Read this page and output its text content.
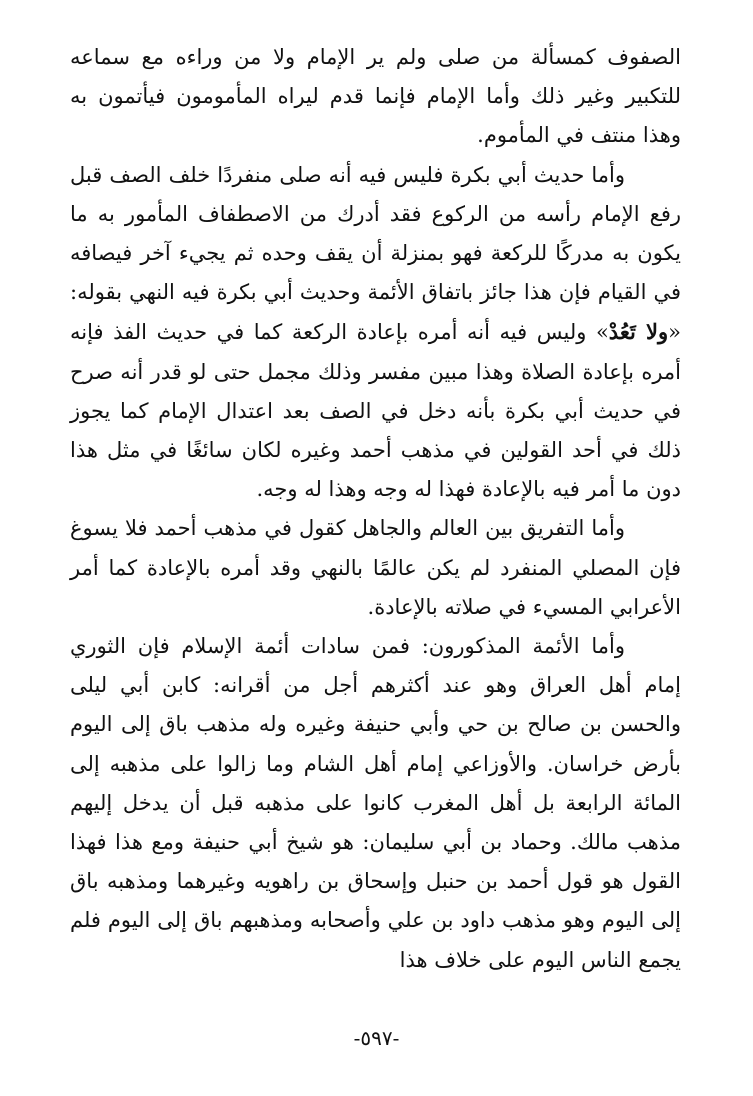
الصفوف كمسألة من صلى ولم ير الإمام ولا من وراءه مع سماعه للتكبير وغير ذلك وأما الإمام فإنما قدم ليراه المأمومون فيأتمون به وهذا منتف في المأموم.

وأما حديث أبي بكرة فليس فيه أنه صلى منفردًا خلف الصف قبل رفع الإمام رأسه من الركوع فقد أدرك من الاصطفاف المأمور به ما يكون به مدركًا للركعة فهو بمنزلة أن يقف وحده ثم يجيء آخر فيصافه في القيام فإن هذا جائز باتفاق الأئمة وحديث أبي بكرة فيه النهي بقوله: «ولا تَعُدْ» وليس فيه أنه أمره بإعادة الركعة كما في حديث الفذ فإنه أمره بإعادة الصلاة وهذا مبين مفسر وذلك مجمل حتى لو قدر أنه صرح في حديث أبي بكرة بأنه دخل في الصف بعد اعتدال الإمام كما يجوز ذلك في أحد القولين في مذهب أحمد وغيره لكان سائغًا في مثل هذا دون ما أمر فيه بالإعادة فهذا له وجه وهذا له وجه.

وأما التفريق بين العالم والجاهل كقول في مذهب أحمد فلا يسوغ فإن المصلي المنفرد لم يكن عالمًا بالنهي وقد أمره بالإعادة كما أمر الأعرابي المسيء في صلاته بالإعادة.

وأما الأئمة المذكورون: فمن سادات أئمة الإسلام فإن الثوري إمام أهل العراق وهو عند أكثرهم أجل من أقرانه: كابن أبي ليلى والحسن بن صالح بن حي وأبي حنيفة وغيره وله مذهب باق إلى اليوم بأرض خراسان. والأوزاعي إمام أهل الشام وما زالوا على مذهبه إلى المائة الرابعة بل أهل المغرب كانوا على مذهبه قبل أن يدخل إليهم مذهب مالك. وحماد بن أبي سليمان: هو شيخ أبي حنيفة ومع هذا فهذا القول هو قول أحمد بن حنبل وإسحاق بن راهويه وغيرهما ومذهبه باق إلى اليوم وهو مذهب داود بن علي وأصحابه ومذهبهم باق إلى اليوم فلم يجمع الناس اليوم على خلاف هذا

-٥٩٧-
